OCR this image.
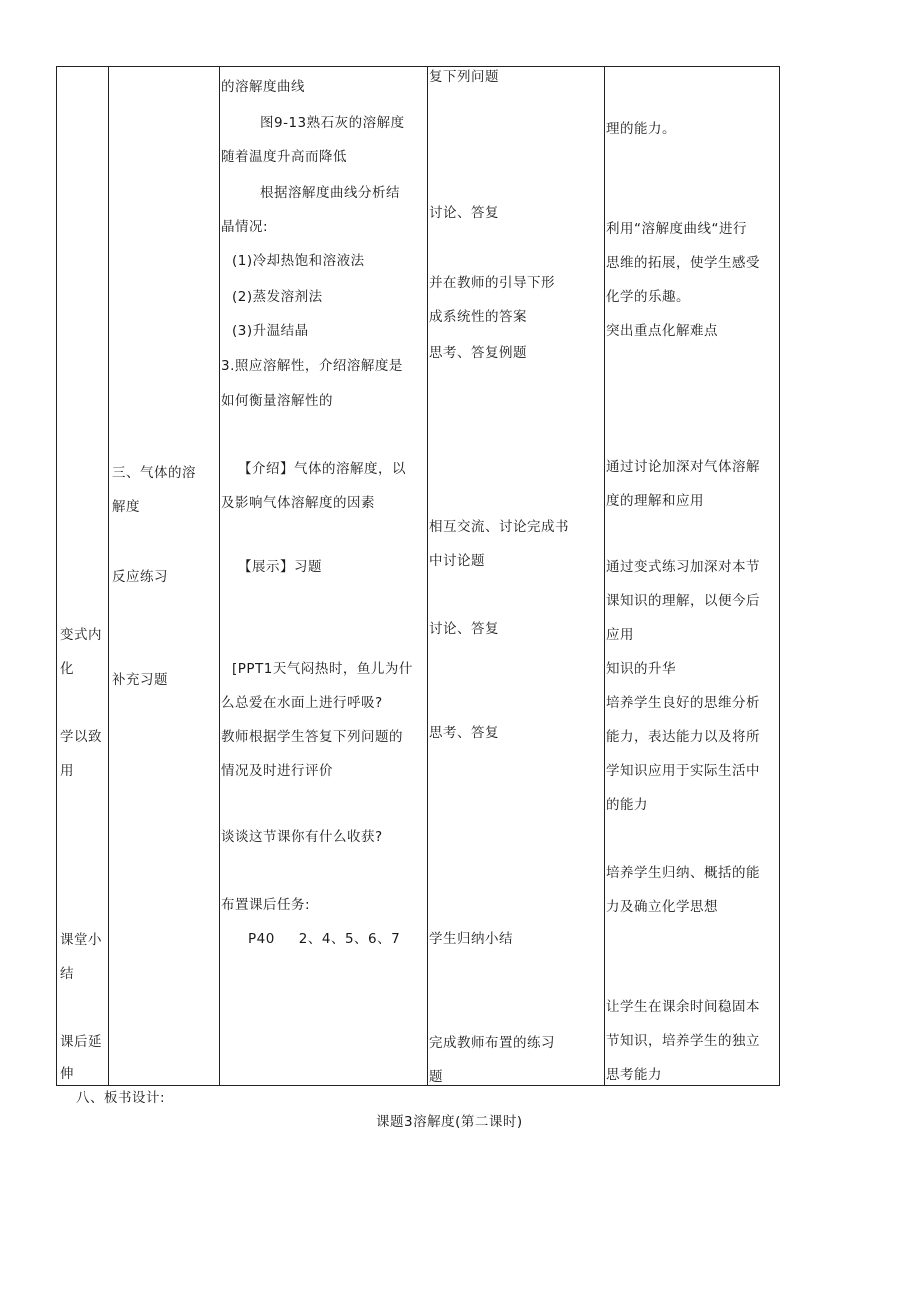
变式内
化
学以致
用
课堂小
结
课后延
伸
三、气体的溶
解度
反应练习
补充习题
的溶解度曲线
图9-13熟石灰的溶解度
随着温度升高而降低
根据溶解度曲线分析结
晶情况:
(1)冷却热饱和溶液法
(2)蒸发溶剂法
(3)升温结晶
3.照应溶解性，介绍溶解度是
如何衡量溶解性的
【介绍】气体的溶解度，以
及影响气体溶解度的因素
【展示】习题
[PPT1天气闷热时，鱼儿为什
么总爱在水面上进行呼吸?
教师根据学生答复下列问题的
情况及时进行评价
谈谈这节课你有什么收获?
布置课后任务:
P40     2、4、5、6、7
复下列问题
讨论、答复
并在教师的引导下形
成系统性的答案
思考、答复例题
相互交流、讨论完成书
中讨论题
讨论、答复
思考、答复
学生归纳小结
完成教师布置的练习
题
理的能力。
利用“溶解度曲线“进行
思维的拓展，使学生感受
化学的乐趣。
突出重点化解难点
通过讨论加深对气体溶解
度的理解和应用
通过变式练习加深对本节
课知识的理解，以便今后
应用
知识的升华
培养学生良好的思维分析
能力，表达能力以及将所
学知识应用于实际生活中
的能力
培养学生归纳、概括的能
力及确立化学思想
让学生在课余时间稳固本
节知识，培养学生的独立
思考能力
八、板书设计:
课题3溶解度(第二课时)
